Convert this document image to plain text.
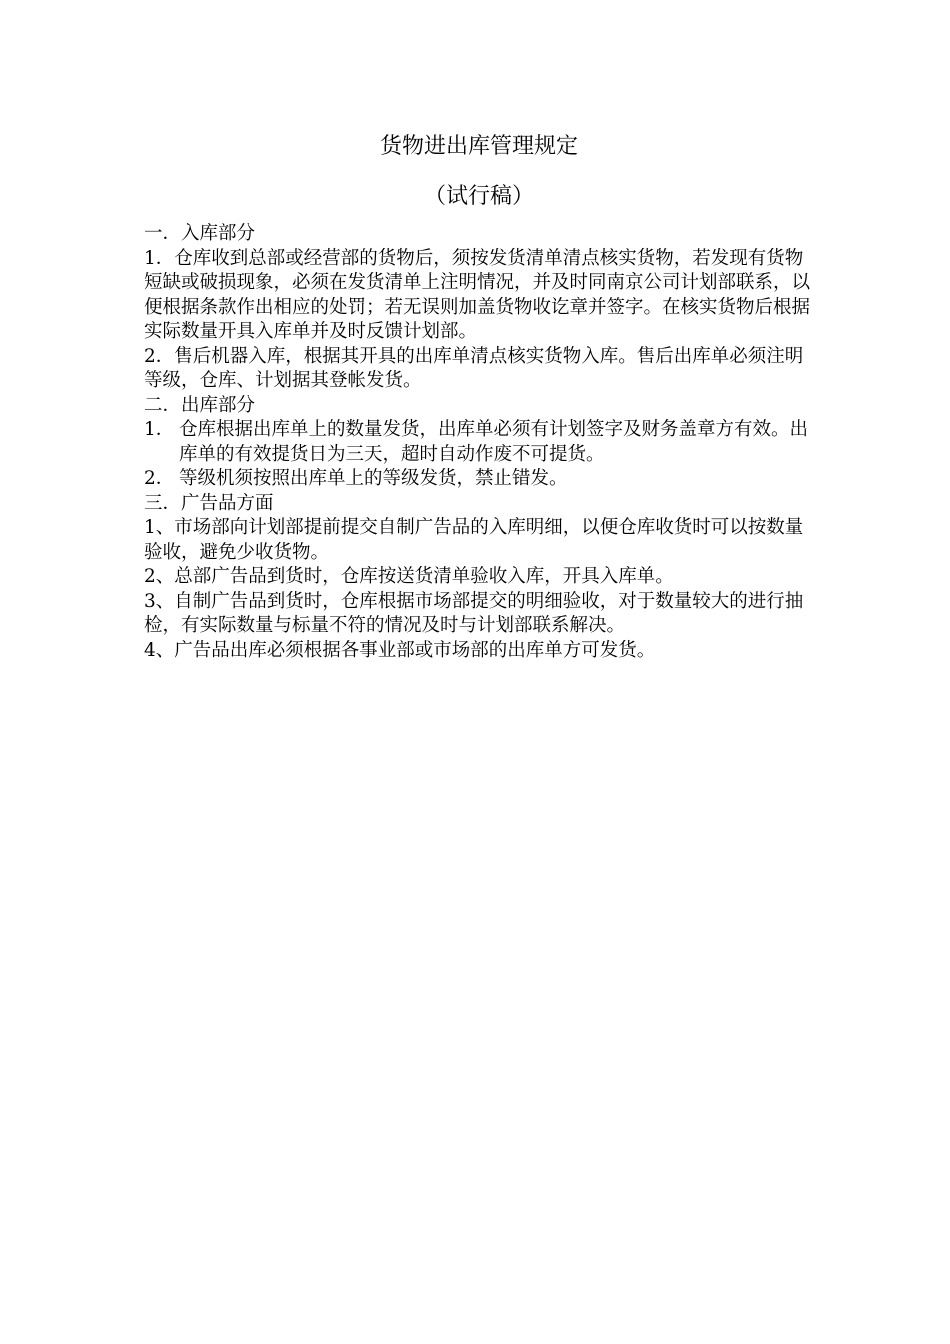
货物进出库管理规定
（试行稿）

一．入库部分

1．仓库收到总部或经营部的货物后，须按发货清单清点核实货物，若发现有货物短缺或破损现象，必须在发货清单上注明情况，并及时同南京公司计划部联系，以便根据条款作出相应的处罚；若无误则加盖货物收讫章并签字。在核实货物后根据实际数量开具入库单并及时反馈计划部。

2．售后机器入库，根据其开具的出库单清点核实货物入库。售后出库单必须注明等级，仓库、计划据其登帐发货。

二．出库部分

1． 仓库根据出库单上的数量发货，出库单必须有计划签字及财务盖章方有效。出库单的有效提货日为三天，超时自动作废不可提货。
2． 等级机须按照出库单上的等级发货，禁止错发。

三．广告品方面

1、市场部向计划部提前提交自制广告品的入库明细，以便仓库收货时可以按数量验收，避免少收货物。

2、总部广告品到货时，仓库按送货清单验收入库，开具入库单。

3、自制广告品到货时，仓库根据市场部提交的明细验收，对于数量较大的进行抽检，有实际数量与标量不符的情况及时与计划部联系解决。

4、广告品出库必须根据各事业部或市场部的出库单方可发货。
